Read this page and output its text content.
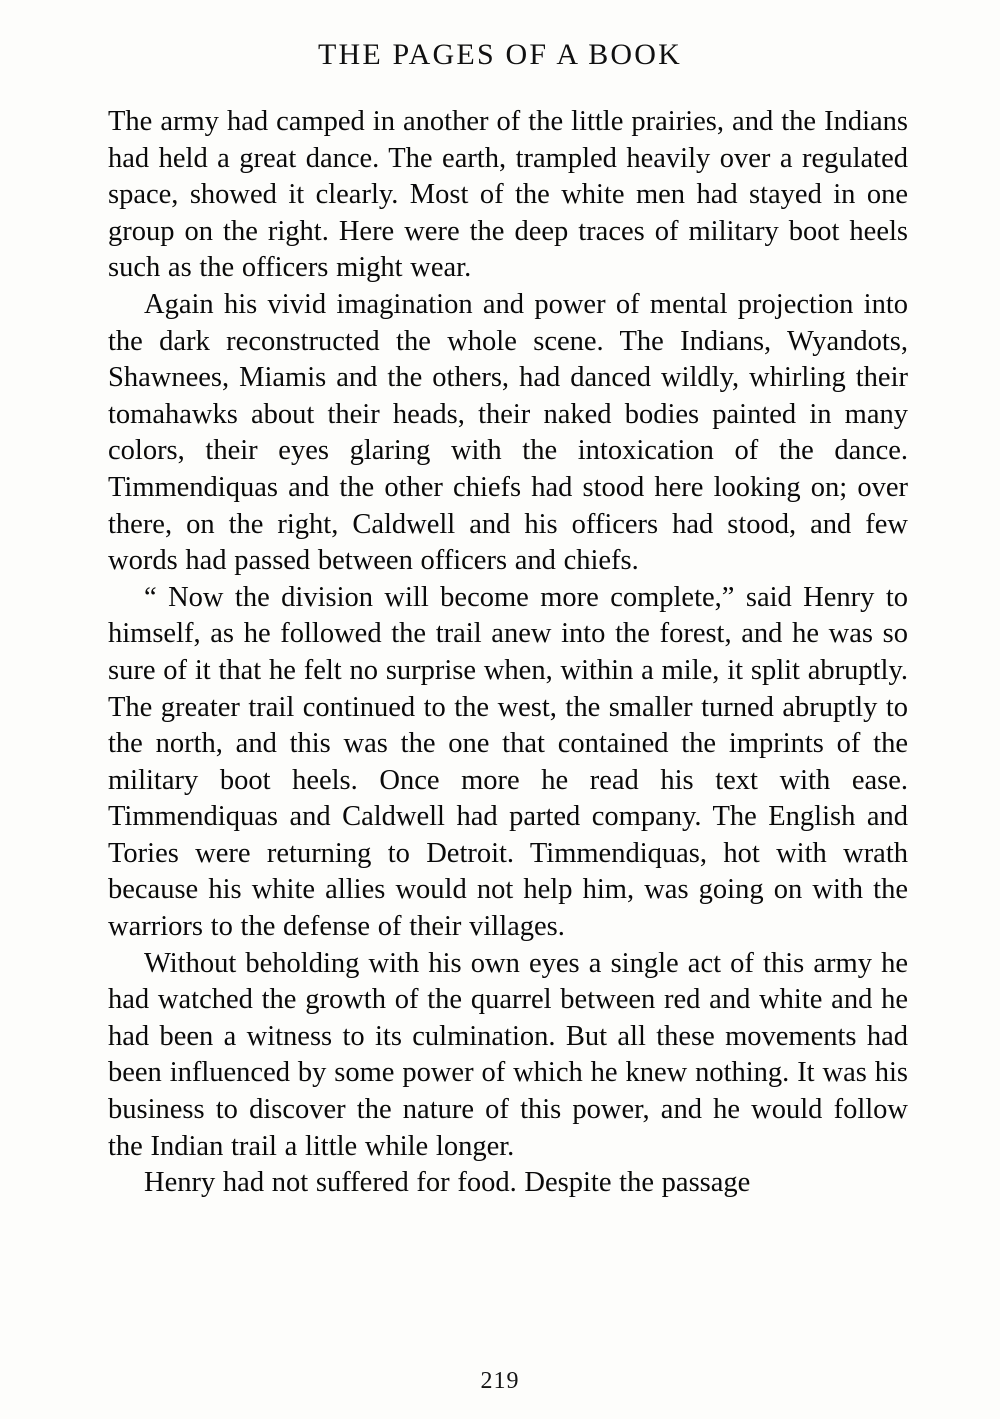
THE PAGES OF A BOOK

The army had camped in another of the little prairies, and the Indians had held a great dance. The earth, trampled heavily over a regulated space, showed it clearly. Most of the white men had stayed in one group on the right. Here were the deep traces of military boot heels such as the officers might wear.

Again his vivid imagination and power of mental projection into the dark reconstructed the whole scene. The Indians, Wyandots, Shawnees, Miamis and the others, had danced wildly, whirling their tomahawks about their heads, their naked bodies painted in many colors, their eyes glaring with the intoxication of the dance. Timmendiquas and the other chiefs had stood here looking on; over there, on the right, Caldwell and his officers had stood, and few words had passed between officers and chiefs.

“ Now the division will become more complete,” said Henry to himself, as he followed the trail anew into the forest, and he was so sure of it that he felt no surprise when, within a mile, it split abruptly. The greater trail continued to the west, the smaller turned abruptly to the north, and this was the one that contained the imprints of the military boot heels. Once more he read his text with ease. Timmendiquas and Caldwell had parted company. The English and Tories were returning to Detroit. Timmendiquas, hot with wrath because his white allies would not help him, was going on with the warriors to the defense of their villages.

Without beholding with his own eyes a single act of this army he had watched the growth of the quarrel between red and white and he had been a witness to its culmination. But all these movements had been influenced by some power of which he knew nothing. It was his business to discover the nature of this power, and he would follow the Indian trail a little while longer.

Henry had not suffered for food. Despite the passage

219
